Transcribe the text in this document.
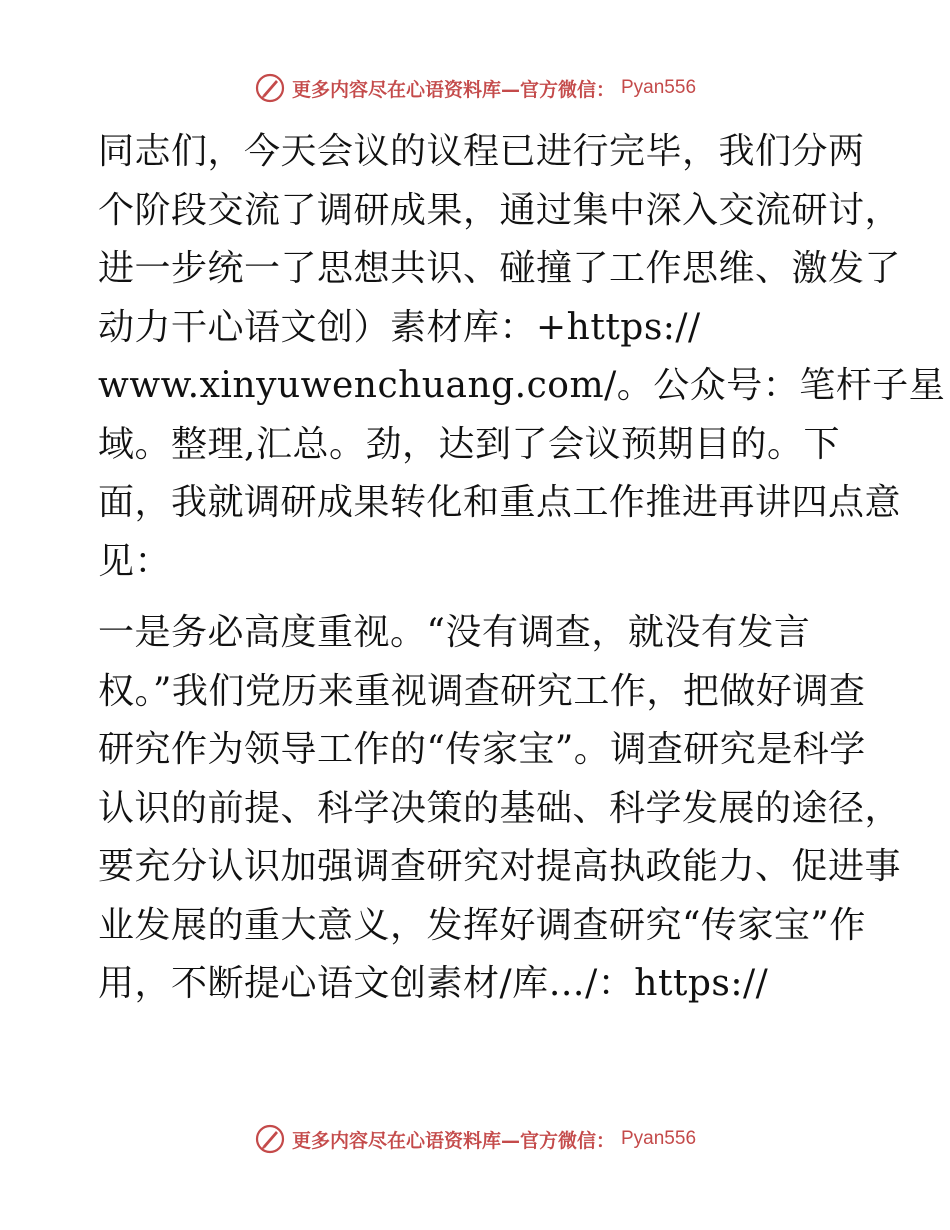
更多内容尽在心语资料库—官方微信： Pyan556
同志们，今天会议的议程已进行完毕，我们分两
个阶段交流了调研成果，通过集中深入交流研讨，
进一步统一了思想共识、碰撞了工作思维、激发了
动力干心语文创）素材库：+https://
www.xinyuwenchuang.com/。公众号：笔杆子星
域。整理,汇总。劲，达到了会议预期目的。下
面，我就调研成果转化和重点工作推进再讲四点意
见：
一是务必高度重视。“没有调查，就没有发言
权。”我们党历来重视调查研究工作，把做好调查
研究作为领导工作的“传家宝”。调查研究是科学
认识的前提、科学决策的基础、科学发展的途径，
要充分认识加强调查研究对提高执政能力、促进事
业发展的重大意义，发挥好调查研究“传家宝”作
用，不断提心语文创素材/库…/：https://
更多内容尽在心语资料库—官方微信： Pyan556
